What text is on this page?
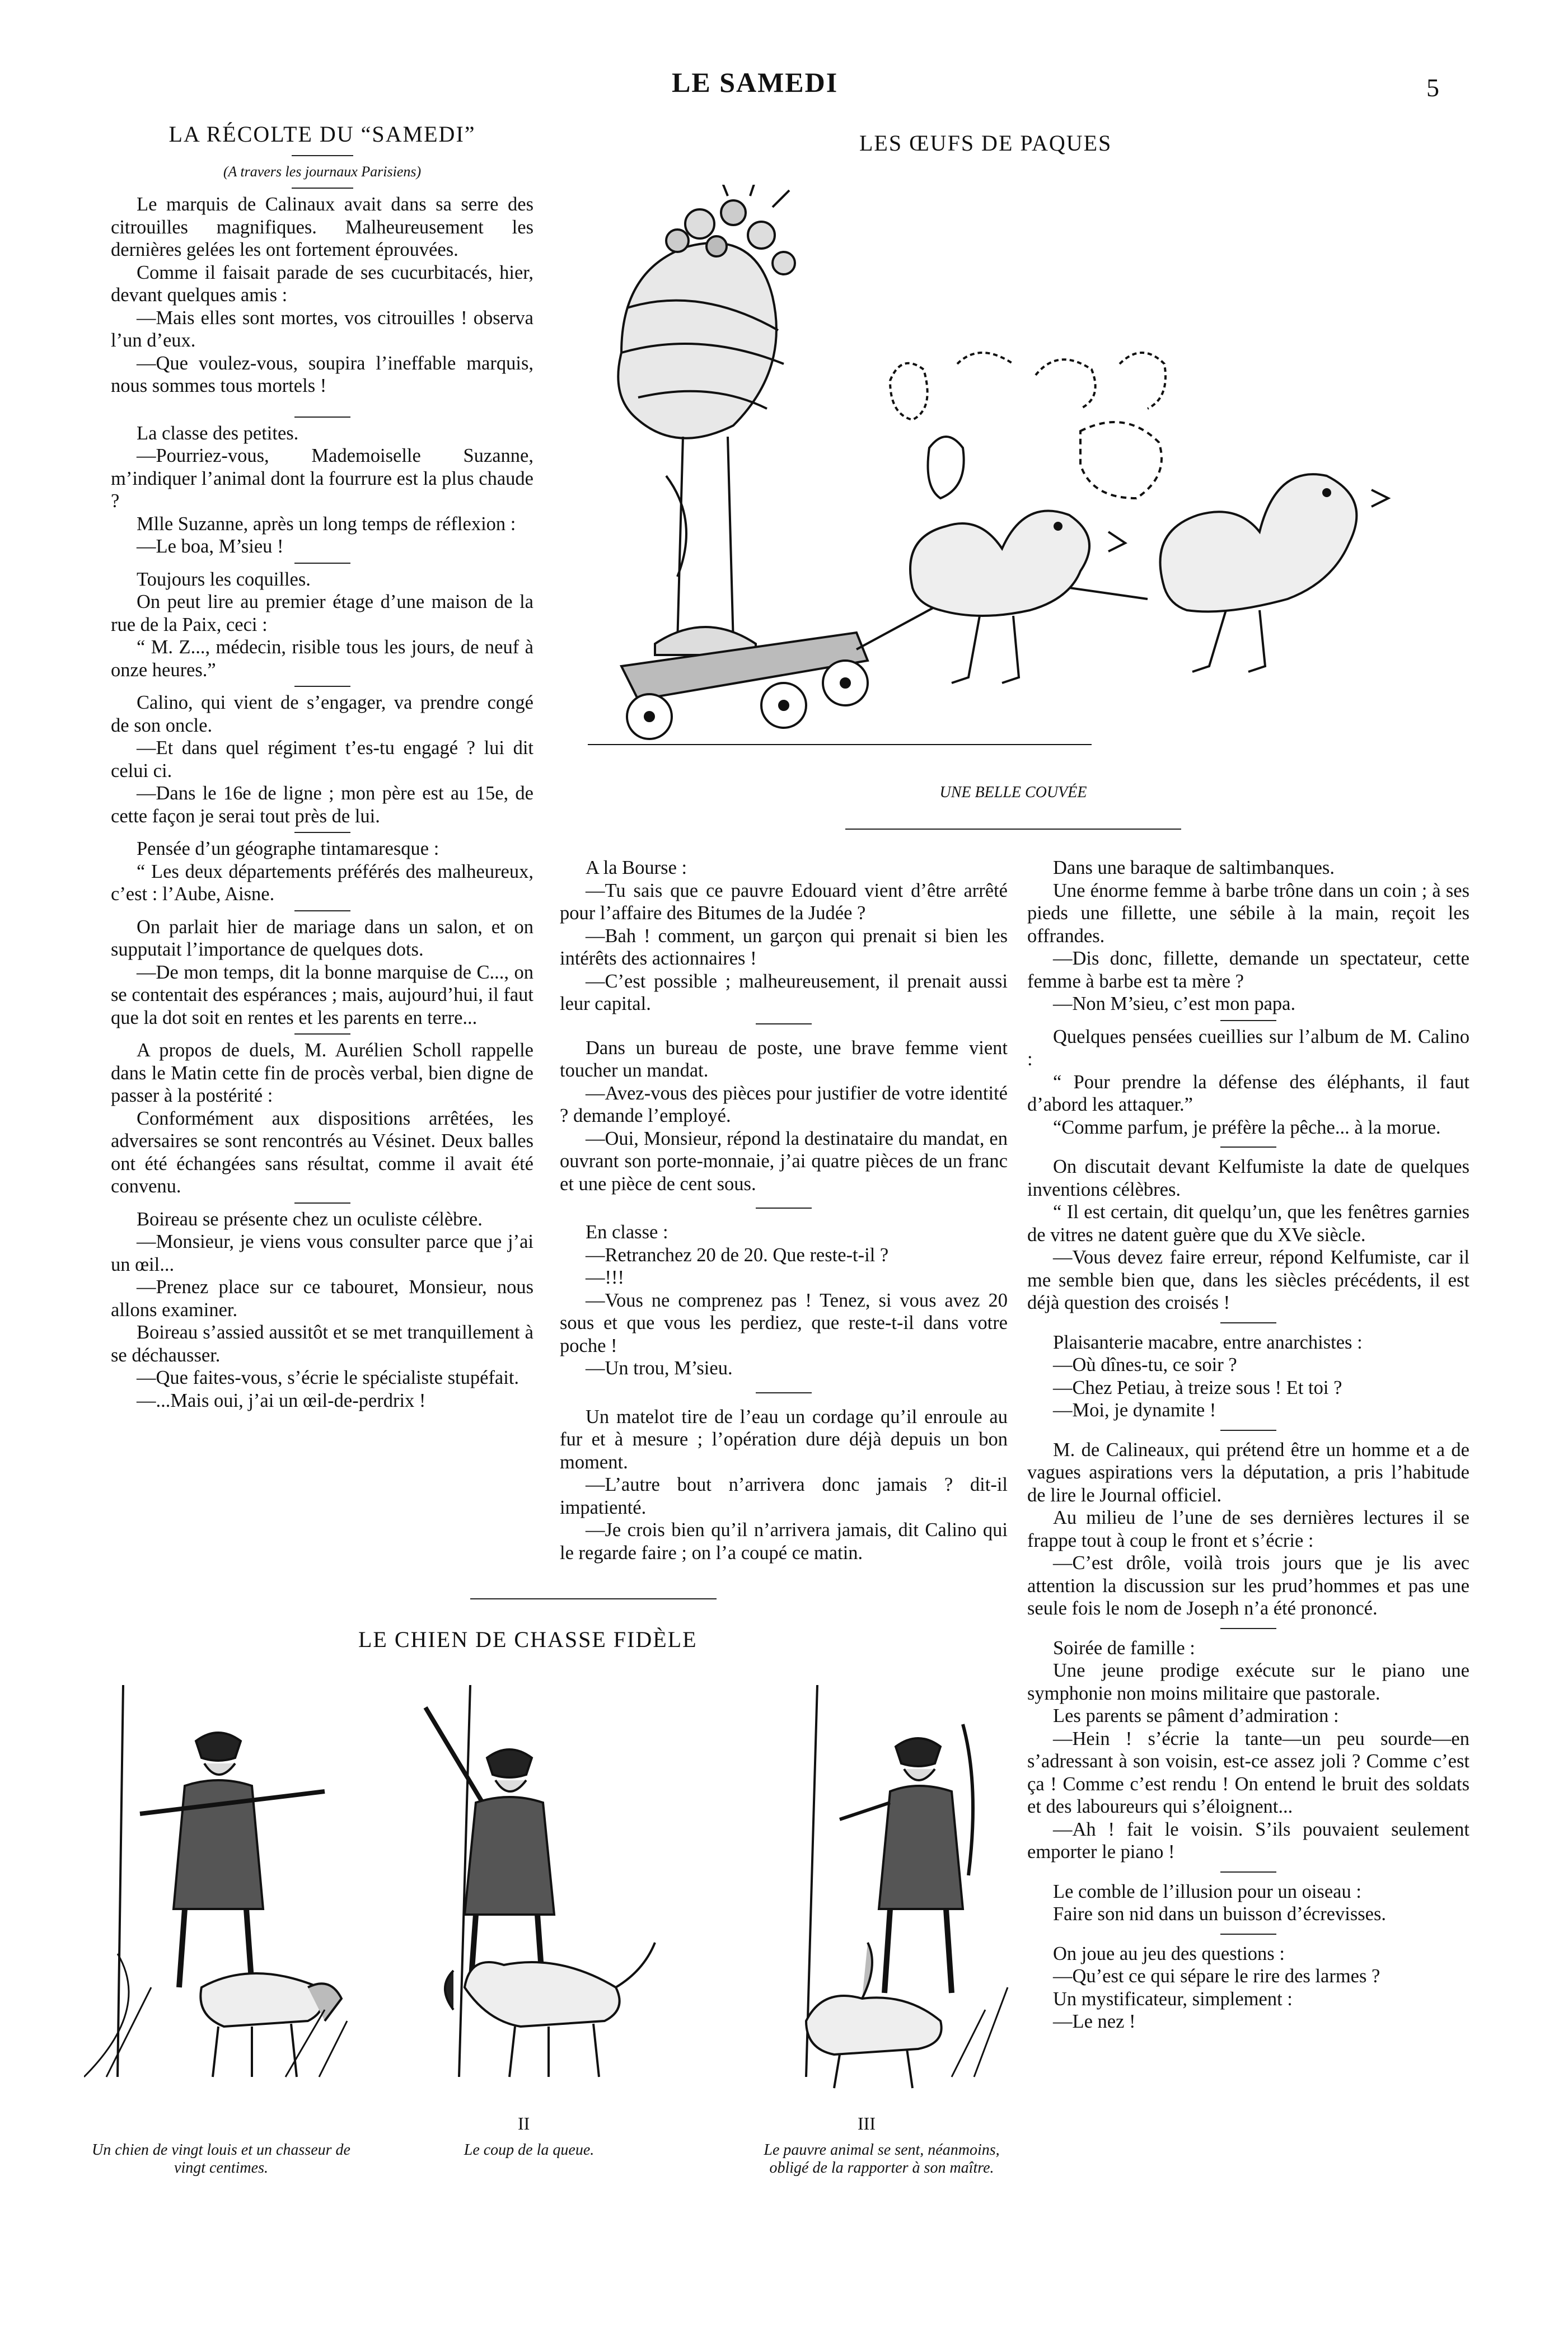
LE SAMEDI	5
LA RÉCOLTE DU “SAMEDI”
(A travers les journaux Parisiens)

Le marquis de Calinaux avait dans sa serre des citrouilles magnifiques. Malheureusement les dernières gelées les ont fortement éprouvées.

Comme il faisait parade de ses cucurbitacés, hier, devant quelques amis :

—Mais elles sont mortes, vos citrouilles ! observa l’un d’eux.

—Que voulez-vous, soupira l’ineffable marquis, nous sommes tous mortels !

La classe des petites.

—Pourriez-vous, Mademoiselle Suzanne, m’indiquer l’animal dont la fourrure est la plus chaude ?

Mlle Suzanne, après un long temps de réflexion :

—Le boa, M’sieu !

Toujours les coquilles.

On peut lire au premier étage d’une maison de la rue de la Paix, ceci :

“ M. Z..., médecin, risible tous les jours, de neuf à onze heures.”

Calino, qui vient de s’engager, va prendre congé de son oncle.

—Et dans quel régiment t’es-tu engagé ? lui dit celui ci.

—Dans le 16e de ligne ; mon père est au 15e, de cette façon je serai tout près de lui.

Pensée d’un géographe tintamaresque :

“ Les deux départements préférés des malheureux, c’est : l’Aube, Aisne.

On parlait hier de mariage dans un salon, et on supputait l’importance de quelques dots.

—De mon temps, dit la bonne marquise de C..., on se contentait des espérances ; mais, aujourd’hui, il faut que la dot soit en rentes et les parents en terre...

A propos de duels, M. Aurélien Scholl rappelle dans le Matin cette fin de procès verbal, bien digne de passer à la postérité :

Conformément aux dispositions arrêtées, les adversaires se sont rencontrés au Vésinet. Deux balles ont été échangées sans résultat, comme il avait été convenu.

Boireau se présente chez un oculiste célèbre.

—Monsieur, je viens vous consulter parce que j’ai un œil...

—Prenez place sur ce tabouret, Monsieur, nous allons examiner.

Boireau s’assied aussitôt et se met tranquillement à se déchausser.

—Que faites-vous, s’écrie le spécialiste stupéfait.

—...Mais oui, j’ai un œil-de-perdrix !

LES ŒUFS DE PAQUES
UNE BELLE COUVÉE

A la Bourse :

—Tu sais que ce pauvre Edouard vient d’être arrêté pour l’affaire des Bitumes de la Judée ?

—Bah ! comment, un garçon qui prenait si bien les intérêts des actionnaires !

—C’est possible ; malheureusement, il prenait aussi leur capital.

Dans un bureau de poste, une brave femme vient toucher un mandat.

—Avez-vous des pièces pour justifier de votre identité ? demande l’employé.

—Oui, Monsieur, répond la destinataire du mandat, en ouvrant son porte-monnaie, j’ai quatre pièces de un franc et une pièce de cent sous.

En classe :

—Retranchez 20 de 20. Que reste-t-il ?

—!!!

—Vous ne comprenez pas ! Tenez, si vous avez 20 sous et que vous les perdiez, que reste-t-il dans votre poche !

—Un trou, M’sieu.

Un matelot tire de l’eau un cordage qu’il enroule au fur et à mesure ; l’opération dure déjà depuis un bon moment.

—L’autre bout n’arrivera donc jamais ? dit-il impatienté.

—Je crois bien qu’il n’arrivera jamais, dit Calino qui le regarde faire ; on l’a coupé ce matin.

Dans une baraque de saltimbanques.

Une énorme femme à barbe trône dans un coin ; à ses pieds une fillette, une sébile à la main, reçoit les offrandes.

—Dis donc, fillette, demande un spectateur, cette femme à barbe est ta mère ?

—Non M’sieu, c’est mon papa.

Quelques pensées cueillies sur l’album de M. Calino :

“ Pour prendre la défense des éléphants, il faut d’abord les attaquer.”

“Comme parfum, je préfère la pêche... à la morue.

On discutait devant Kelfumiste la date de quelques inventions célèbres.

“ Il est certain, dit quelqu’un, que les fenêtres garnies de vitres ne datent guère que du XVe siècle.

—Vous devez faire erreur, répond Kelfumiste, car il me semble bien que, dans les siècles précédents, il est déjà question des croisés !

Plaisanterie macabre, entre anarchistes :

—Où dînes-tu, ce soir ?

—Chez Petiau, à treize sous ! Et toi ?

—Moi, je dynamite !

M. de Calineaux, qui prétend être un homme et a de vagues aspirations vers la députation, a pris l’habitude de lire le Journal officiel.

Au milieu de l’une de ses dernières lectures il se frappe tout à coup le front et s’écrie :

—C’est drôle, voilà trois jours que je lis avec attention la discussion sur les prud’hommes et pas une seule fois le nom de Joseph n’a été prononcé.

Soirée de famille :

Une jeune prodige exécute sur le piano une symphonie non moins militaire que pastorale.

Les parents se pâment d’admiration :

—Hein ! s’écrie la tante—un peu sourde—en s’adressant à son voisin, est-ce assez joli ? Comme c’est ça ! Comme c’est rendu ! On entend le bruit des soldats et des laboureurs qui s’éloignent...

—Ah ! fait le voisin. S’ils pouvaient seulement emporter le piano !

Le comble de l’illusion pour un oiseau :

Faire son nid dans un buisson d’écrevisses.

On joue au jeu des questions :

—Qu’est ce qui sépare le rire des larmes ?

Un mystificateur, simplement :

—Le nez !

LE CHIEN DE CHASSE FIDÈLE
Un chien de vingt louis et un chasseur de vingt centimes.
II
Le coup de la queue.
III
Le pauvre animal se sent, néanmoins, obligé de la rapporter à son maître.
